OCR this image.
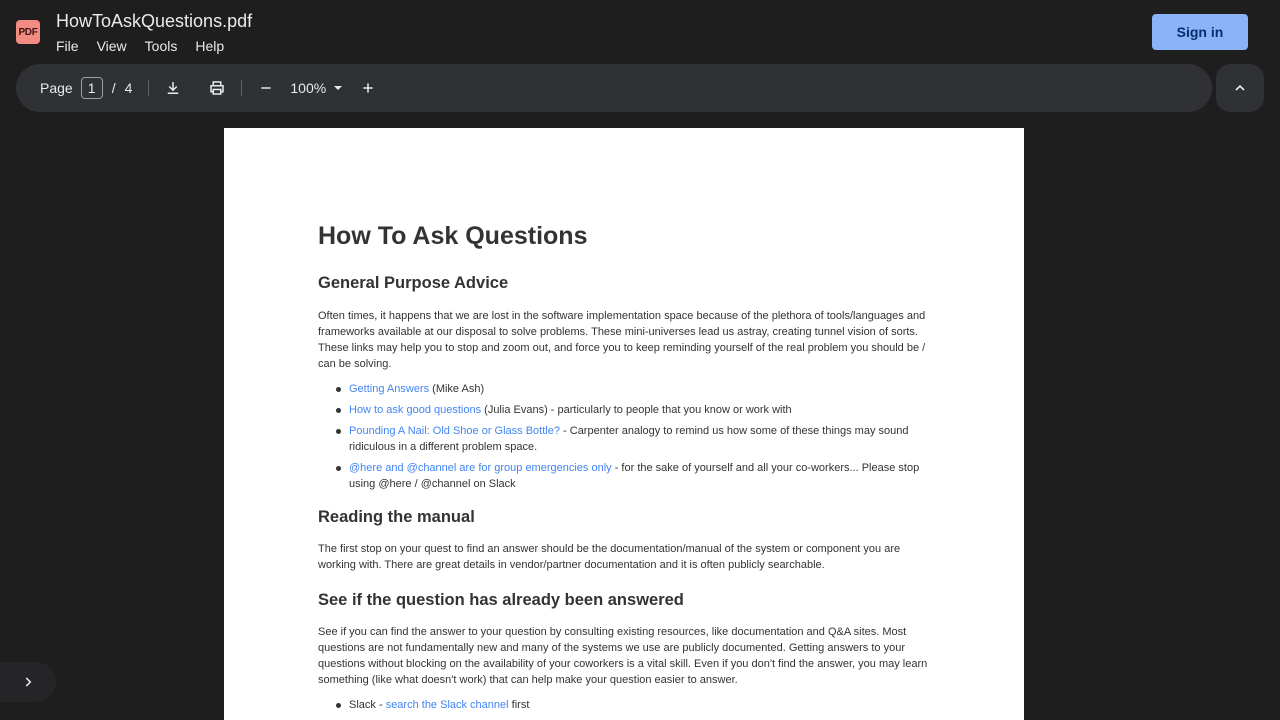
PDF
HowToAskQuestions.pdf
File View Tools Help
Sign in
Page	1	/ 4	100%
How To Ask Questions
General Purpose Advice
Often times, it happens that we are lost in the software implementation space because of the plethora of tools/languages and
frameworks available at our disposal to solve problems. These mini-universes lead us astray, creating tunnel vision of sorts.
These links may help you to stop and zoom out, and force you to keep reminding yourself of the real problem you should be /
can be solving.
Getting Answers (Mike Ash)
How to ask good questions (Julia Evans) - particularly to people that you know or work with
Pounding A Nail: Old Shoe or Glass Bottle? - Carpenter analogy to remind us how some of these things may sound
ridiculous in a different problem space.
@here and @channel are for group emergencies only - for the sake of yourself and all your co-workers... Please stop
using @here / @channel on Slack
Reading the manual
The first stop on your quest to find an answer should be the documentation/manual of the system or component you are
working with. There are great details in vendor/partner documentation and it is often publicly searchable.
See if the question has already been answered
See if you can find the answer to your question by consulting existing resources, like documentation and Q&A sites. Most
questions are not fundamentally new and many of the systems we use are publicly documented. Getting answers to your
questions without blocking on the availability of your coworkers is a vital skill. Even if you don't find the answer, you may learn
something (like what doesn't work) that can help make your question easier to answer.
Slack - search the Slack channel first
